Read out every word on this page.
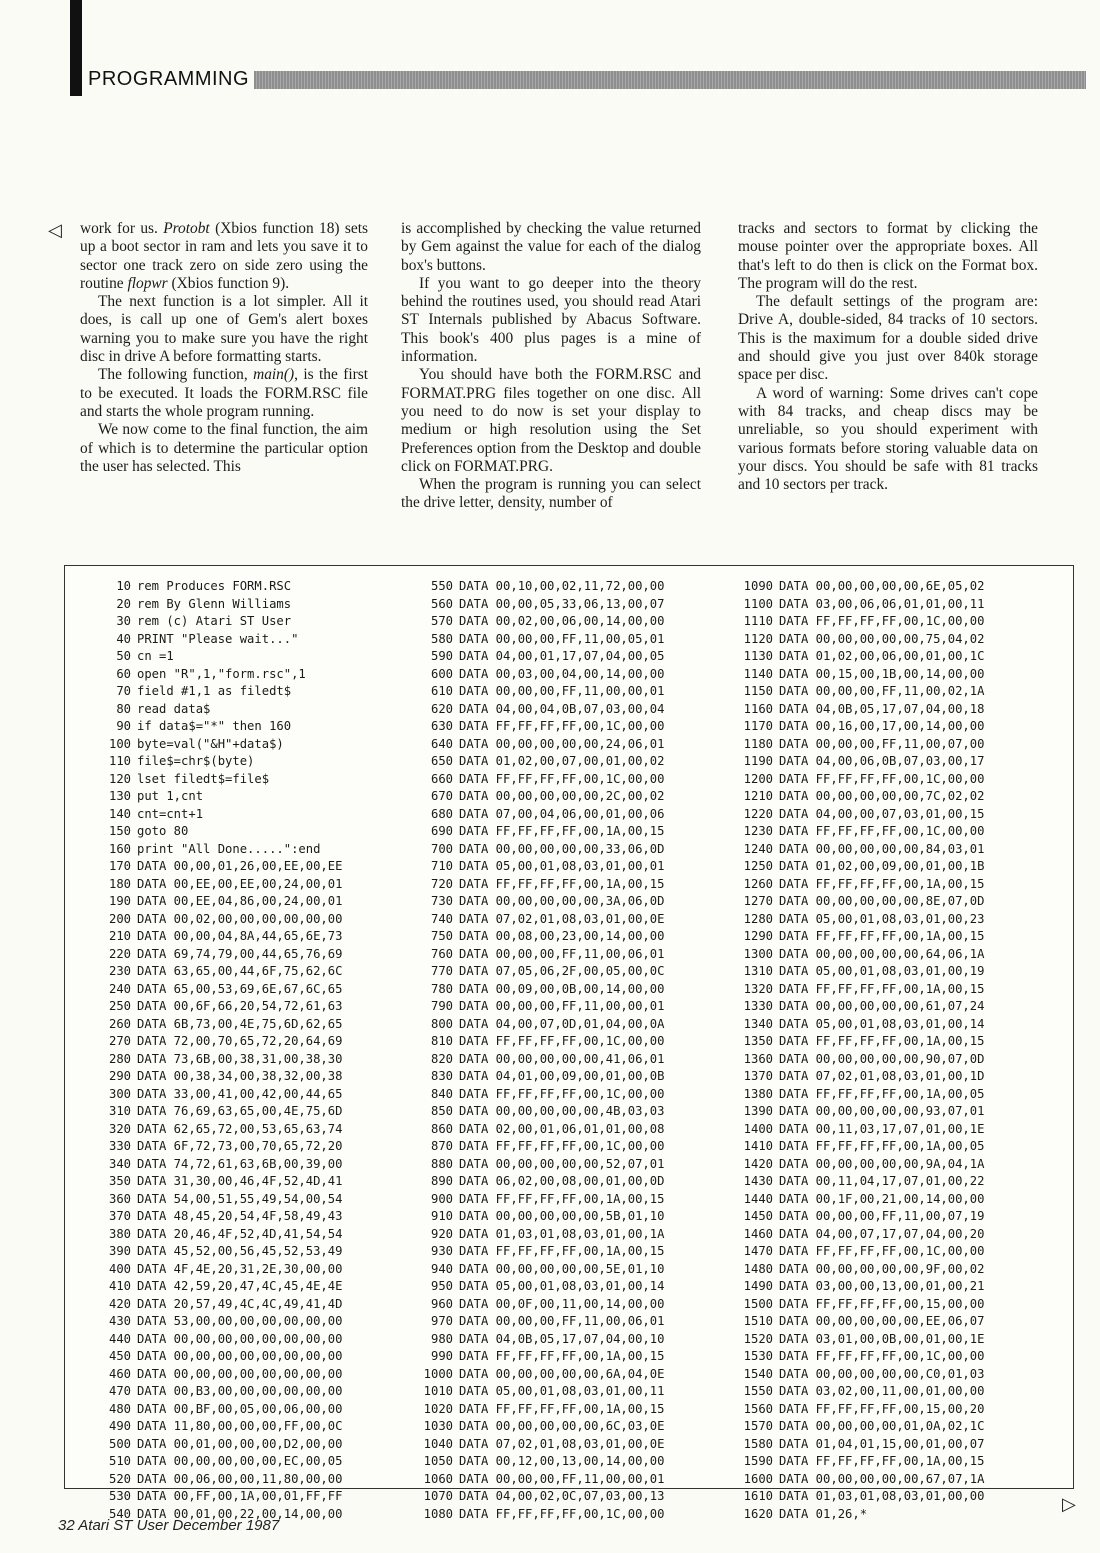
PROGRAMMING
◁ work for us. Protobt (Xbios function 18) sets up a boot sector in ram and lets you save it to sector one track zero on side zero using the routine flopwr (Xbios function 9).

The next function is a lot simpler. All it does, is call up one of Gem's alert boxes warning you to make sure you have the right disc in drive A before formatting starts.

The following function, main(), is the first to be executed. It loads the FORM.RSC file and starts the whole program running.

We now come to the final function, the aim of which is to determine the particular option the user has selected. This

is accomplished by checking the value returned by Gem against the value for each of the dialog box's buttons.

If you want to go deeper into the theory behind the routines used, you should read Atari ST Internals published by Abacus Software. This book's 400 plus pages is a mine of information.

You should have both the FORM.RSC and FORMAT.PRG files together on one disc. All you need to do now is set your display to medium or high resolution using the Set Preferences option from the Desktop and double click on FORMAT.PRG.

When the program is running you can select the drive letter, density, number of

tracks and sectors to format by clicking the mouse pointer over the appropriate boxes. All that's left to do then is click on the Format box. The program will do the rest.

The default settings of the program are: Drive A, double-sided, 84 tracks of 10 sectors. This is the maximum for a double sided drive and should give you just over 840k storage space per disc.

A word of warning: Some drives can't cope with 84 tracks, and cheap discs may be unreliable, so you should experiment with various formats before storing valuable data on your discs. You should be safe with 81 tracks and 10 sectors per track.

10 rem Produces FORM.RSC
20 rem By Glenn Williams
30 rem (c) Atari ST User
40 PRINT "Please wait..."
50 cn =1
60 open "R",1,"form.rsc",1
70 field #1,1 as filedt$
80 read data$
90 if data$="*" then 160
100 byte=val("&H"+data$)
110 file$=chr$(byte)
120 lset filedt$=file$
130 put 1,cnt
140 cnt=cnt+1
150 goto 80
160 print "All Done.....":end
170 DATA 00,00,01,26,00,EE,00,EE
180 DATA 00,EE,00,EE,00,24,00,01
190 DATA 00,EE,04,86,00,24,00,01
200 DATA 00,02,00,00,00,00,00,00
210 DATA 00,00,04,8A,44,65,6E,73
220 DATA 69,74,79,00,44,65,76,69
230 DATA 63,65,00,44,6F,75,62,6C
240 DATA 65,00,53,69,6E,67,6C,65
250 DATA 00,6F,66,20,54,72,61,63
260 DATA 6B,73,00,4E,75,6D,62,65
270 DATA 72,00,70,65,72,20,64,69
280 DATA 73,6B,00,38,31,00,38,30
290 DATA 00,38,34,00,38,32,00,38
300 DATA 33,00,41,00,42,00,44,65
310 DATA 76,69,63,65,00,4E,75,6D
320 DATA 62,65,72,00,53,65,63,74
330 DATA 6F,72,73,00,70,65,72,20
340 DATA 74,72,61,63,6B,00,39,00
350 DATA 31,30,00,46,4F,52,4D,41
360 DATA 54,00,51,55,49,54,00,54
370 DATA 48,45,20,54,4F,58,49,43
380 DATA 20,46,4F,52,4D,41,54,54
390 DATA 45,52,00,56,45,52,53,49
400 DATA 4F,4E,20,31,2E,30,00,00
410 DATA 42,59,20,47,4C,45,4E,4E
420 DATA 20,57,49,4C,4C,49,41,4D
430 DATA 53,00,00,00,00,00,00,00
440 DATA 00,00,00,00,00,00,00,00
450 DATA 00,00,00,00,00,00,00,00
460 DATA 00,00,00,00,00,00,00,00
470 DATA 00,B3,00,00,00,00,00,00
480 DATA 00,BF,00,05,00,06,00,00
490 DATA 11,80,00,00,00,FF,00,0C
500 DATA 00,01,00,00,00,D2,00,00
510 DATA 00,00,00,00,00,EC,00,05
520 DATA 00,06,00,00,11,80,00,00
530 DATA 00,FF,00,1A,00,01,FF,FF
540 DATA 00,01,00,22,00,14,00,00
550 DATA 00,10,00,02,11,72,00,00
560 DATA 00,00,05,33,06,13,00,07
570 DATA 00,02,00,06,00,14,00,00
580 DATA 00,00,00,FF,11,00,05,01
590 DATA 04,00,01,17,07,04,00,05
600 DATA 00,03,00,04,00,14,00,00
610 DATA 00,00,00,FF,11,00,00,01
620 DATA 04,00,04,0B,07,03,00,04
630 DATA FF,FF,FF,FF,00,1C,00,00
640 DATA 00,00,00,00,00,24,06,01
650 DATA 01,02,00,07,00,01,00,02
660 DATA FF,FF,FF,FF,00,1C,00,00
670 DATA 00,00,00,00,00,2C,00,02
680 DATA 07,00,04,06,00,01,00,06
690 DATA FF,FF,FF,FF,00,1A,00,15
700 DATA 00,00,00,00,00,33,06,0D
710 DATA 05,00,01,08,03,01,00,01
720 DATA FF,FF,FF,FF,00,1A,00,15
730 DATA 00,00,00,00,00,3A,06,0D
740 DATA 07,02,01,08,03,01,00,0E
750 DATA 00,08,00,23,00,14,00,00
760 DATA 00,00,00,FF,11,00,06,01
770 DATA 07,05,06,2F,00,05,00,0C
780 DATA 00,09,00,0B,00,14,00,00
790 DATA 00,00,00,FF,11,00,00,01
800 DATA 04,00,07,0D,01,04,00,0A
810 DATA FF,FF,FF,FF,00,1C,00,00
820 DATA 00,00,00,00,00,41,06,01
830 DATA 04,01,00,09,00,01,00,0B
840 DATA FF,FF,FF,FF,00,1C,00,00
850 DATA 00,00,00,00,00,4B,03,03
860 DATA 02,00,01,06,01,01,00,08
870 DATA FF,FF,FF,FF,00,1C,00,00
880 DATA 00,00,00,00,00,52,07,01
890 DATA 06,02,00,08,00,01,00,0D
900 DATA FF,FF,FF,FF,00,1A,00,15
910 DATA 00,00,00,00,00,5B,01,10
920 DATA 01,03,01,08,03,01,00,1A
930 DATA FF,FF,FF,FF,00,1A,00,15
940 DATA 00,00,00,00,00,5E,01,10
950 DATA 05,00,01,08,03,01,00,14
960 DATA 00,0F,00,11,00,14,00,00
970 DATA 00,00,00,FF,11,00,06,01
980 DATA 04,0B,05,17,07,04,00,10
990 DATA FF,FF,FF,FF,00,1A,00,15
1000 DATA 00,00,00,00,00,6A,04,0E
1010 DATA 05,00,01,08,03,01,00,11
1020 DATA FF,FF,FF,FF,00,1A,00,15
1030 DATA 00,00,00,00,00,6C,03,0E
1040 DATA 07,02,01,08,03,01,00,0E
1050 DATA 00,12,00,13,00,14,00,00
1060 DATA 00,00,00,FF,11,00,00,01
1070 DATA 04,00,02,0C,07,03,00,13
1080 DATA FF,FF,FF,FF,00,1C,00,00
1090 DATA 00,00,00,00,00,6E,05,02
1100 DATA 03,00,06,06,01,01,00,11
1110 DATA FF,FF,FF,FF,00,1C,00,00
1120 DATA 00,00,00,00,00,75,04,02
1130 DATA 01,02,00,06,00,01,00,1C
1140 DATA 00,15,00,1B,00,14,00,00
1150 DATA 00,00,00,FF,11,00,02,1A
1160 DATA 04,0B,05,17,07,04,00,18
1170 DATA 00,16,00,17,00,14,00,00
1180 DATA 00,00,00,FF,11,00,07,00
1190 DATA 04,00,06,0B,07,03,00,17
1200 DATA FF,FF,FF,FF,00,1C,00,00
1210 DATA 00,00,00,00,00,7C,02,02
1220 DATA 04,00,00,07,03,01,00,15
1230 DATA FF,FF,FF,FF,00,1C,00,00
1240 DATA 00,00,00,00,00,84,03,01
1250 DATA 01,02,00,09,00,01,00,1B
1260 DATA FF,FF,FF,FF,00,1A,00,15
1270 DATA 00,00,00,00,00,8E,07,0D
1280 DATA 05,00,01,08,03,01,00,23
1290 DATA FF,FF,FF,FF,00,1A,00,15
1300 DATA 00,00,00,00,00,64,06,1A
1310 DATA 05,00,01,08,03,01,00,19
1320 DATA FF,FF,FF,FF,00,1A,00,15
1330 DATA 00,00,00,00,00,61,07,24
1340 DATA 05,00,01,08,03,01,00,14
1350 DATA FF,FF,FF,FF,00,1A,00,15
1360 DATA 00,00,00,00,00,90,07,0D
1370 DATA 07,02,01,08,03,01,00,1D
1380 DATA FF,FF,FF,FF,00,1A,00,05
1390 DATA 00,00,00,00,00,93,07,01
1400 DATA 00,11,03,17,07,01,00,1E
1410 DATA FF,FF,FF,FF,00,1A,00,05
1420 DATA 00,00,00,00,00,9A,04,1A
1430 DATA 00,11,04,17,07,01,00,22
1440 DATA 00,1F,00,21,00,14,00,00
1450 DATA 00,00,00,FF,11,00,07,19
1460 DATA 04,00,07,17,07,04,00,20
1470 DATA FF,FF,FF,FF,00,1C,00,00
1480 DATA 00,00,00,00,00,9F,00,02
1490 DATA 03,00,00,13,00,01,00,21
1500 DATA FF,FF,FF,FF,00,15,00,00
1510 DATA 00,00,00,00,00,EE,06,07
1520 DATA 03,01,00,0B,00,01,00,1E
1530 DATA FF,FF,FF,FF,00,1C,00,00
1540 DATA 00,00,00,00,00,C0,01,03
1550 DATA 03,02,00,11,00,01,00,00
1560 DATA FF,FF,FF,FF,00,15,00,20
1570 DATA 00,00,00,00,01,0A,02,1C
1580 DATA 01,04,01,15,00,01,00,07
1590 DATA FF,FF,FF,FF,00,1A,00,15
1600 DATA 00,00,00,00,00,67,07,1A
1610 DATA 01,03,01,08,03,01,00,00
1620 DATA 01,26,*
32 Atari ST User December 1987
▷
